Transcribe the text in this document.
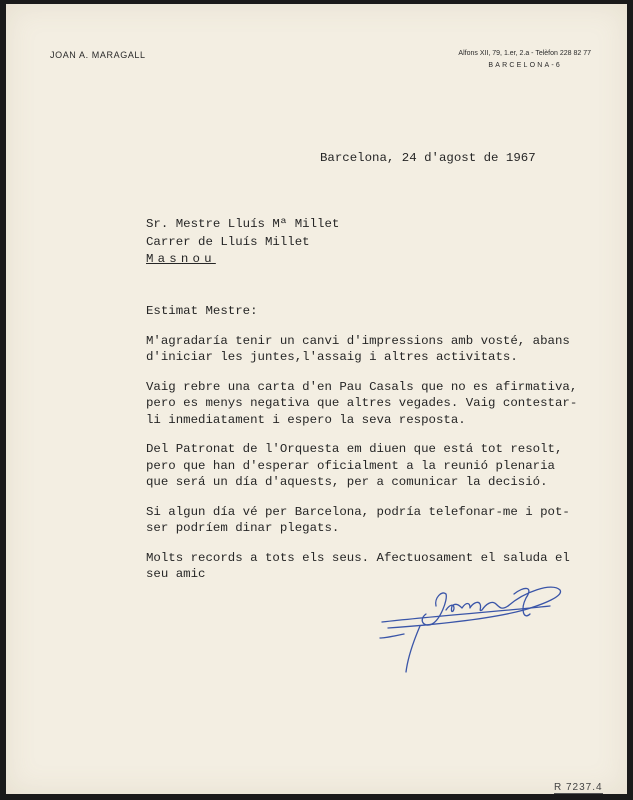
JOAN A. MARAGALL	Alfons XII, 79, 1.er, 2.a - Telèfon 228 82 77
BARCELONA-6
Barcelona, 24 d'agost de 1967
Sr. Mestre Lluís Mª Millet
Carrer de Lluís Millet
Masnou

Estimat Mestre:

M'agradaría tenir un canvi d'impressions amb vosté, abans
d'iniciar les juntes,l'assaig i altres activitats.

Vaig rebre una carta d'en Pau Casals que no es afirmativa,
pero es menys negativa que altres vegades. Vaig contestar-
li inmediatament i espero la seva resposta.

Del Patronat de l'Orquesta em diuen que está tot resolt,
pero que han d'esperar oficialment a la reunió plenaria
que será un día d'aquests, per a comunicar la decisió.

Si algun día vé per Barcelona, podría telefonar-me i pot-
ser podríem dinar plegats.

Molts records a tots els seus. Afectuosament el saluda el
seu amic

R 7237.4
